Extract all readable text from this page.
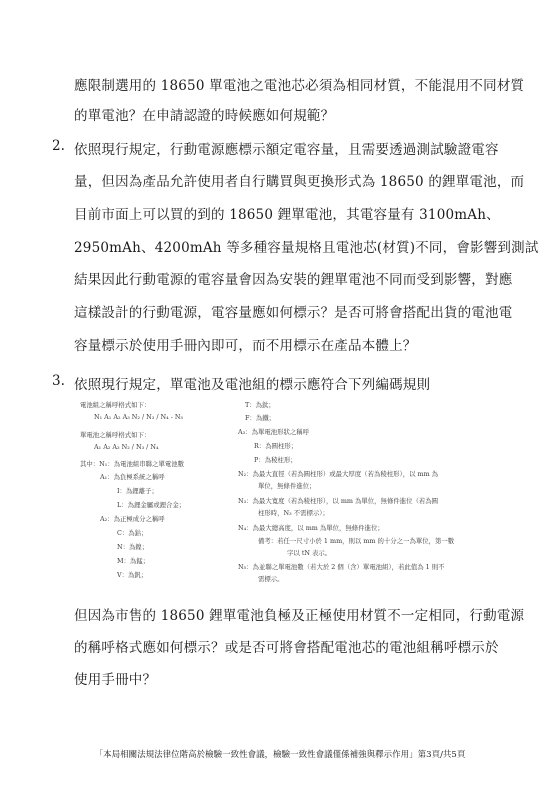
應限制選用的 18650 單電池之電池芯必須為相同材質，不能混用不同材質
的單電池？在申請認證的時候應如何規範？
2. 依照現行規定，行動電源應標示額定電容量，且需要透過測試驗證電容
量，但因為產品允許使用者自行購買與更換形式為 18650 的鋰單電池，而
目前市面上可以買的到的 18650 鋰單電池，其電容量有 3100mAh、
2950mAh、4200mAh 等多種容量規格且電池芯(材質)不同，會影響到測試
結果因此行動電源的電容量會因為安裝的鋰單電池不同而受到影響，對應
這樣設計的行動電源，電容量應如何標示？是否可將會搭配出貨的電池電
容量標示於使用手冊內即可，而不用標示在產品本體上？
3. 依照現行規定，單電池及電池組的標示應符合下列編碼規則
電池組之稱呼格式如下：
N₁ A₁ A₂ A₃ N₂ / N₃ / N₄ - N₅
單電池之稱呼格式如下：
A₁ A₂ A₃ N₂ / N₃ / N₄
其中：N₁：為電池組串聯之單電池數
A₁：為負極系統之稱呼
I：為鋰離子；
L：為鋰金屬或鋰合金；
A₂：為正極成分之稱呼
C：為鈷；
N：為鎳；
M：為錳；
V：為釩；
T：為鈦；
F：為鐵；
A₃：為單電池形狀之稱呼
R：為圓柱形；
P：為稜柱形；
N₂：為最大直徑（若為圓柱形）或最大厚度（若為稜柱形），以 mm 為
單位，無條件進位；
N₃：為最大寬度（若為稜柱形），以 mm 為單位，無條件進位（若為圓
柱形時，N₃ 不需標示）；
N₄：為最大總高度，以 mm 為單位，無條件進位；
備考：若任一尺寸小於 1 mm，則以 mm 的十分之一為單位，第一數
字以 tN 表示。
N₅：為並聯之單電池數（若大於 2 個（含）單電池組），若此值為 1 則不
需標示。
但因為市售的 18650 鋰單電池負極及正極使用材質不一定相同，行動電源
的稱呼格式應如何標示？或是否可將會搭配電池芯的電池組稱呼標示於
使用手冊中？
「本局相關法規法律位階高於檢驗一致性會議，檢驗一致性會議僅係補強與釋示作用」第3頁/共5頁
